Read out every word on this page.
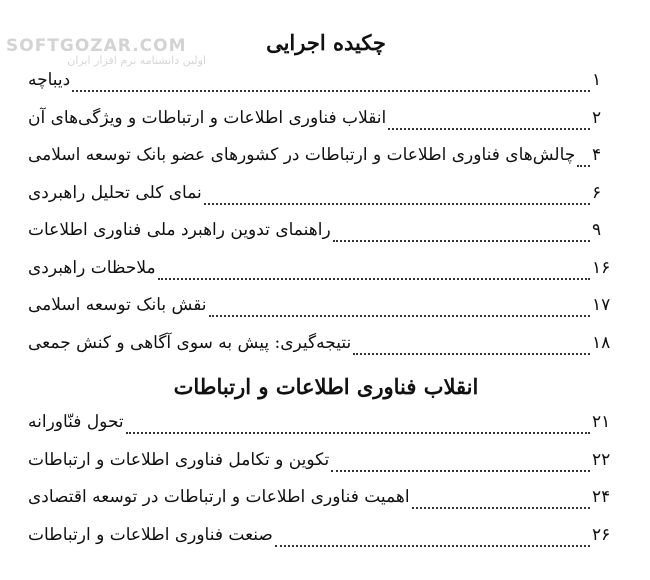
SOFTGOZAR.COM
اولین دانشنامه نرم افزار ایران
چکیده اجرایی
دیباچه	۱
انقلاب فناوری اطلاعات و ارتباطات و ویژگی‌های آن	۲
چالش‌های فناوری اطلاعات و ارتباطات در کشورهای عضو بانک توسعه اسلامی ۴
نمای کلی تحلیل راهبردی	۶
راهنمای تدوین راهبرد ملی فناوری اطلاعات	۹
ملاحظات راهبردی	۱۶
نقش بانک توسعه اسلامی	۱۷
نتیجه‌گیری: پیش به سوی آگاهی و کنش جمعی	۱۸
انقلاب فناوری اطلاعات و ارتباطات
تحول فنّاورانه	۲۱
تکوین و تکامل فناوری اطلاعات و ارتباطات	۲۲
اهمیت فناوری اطلاعات و ارتباطات در توسعه اقتصادی	۲۴
صنعت فناوری اطلاعات و ارتباطات	۲۶
